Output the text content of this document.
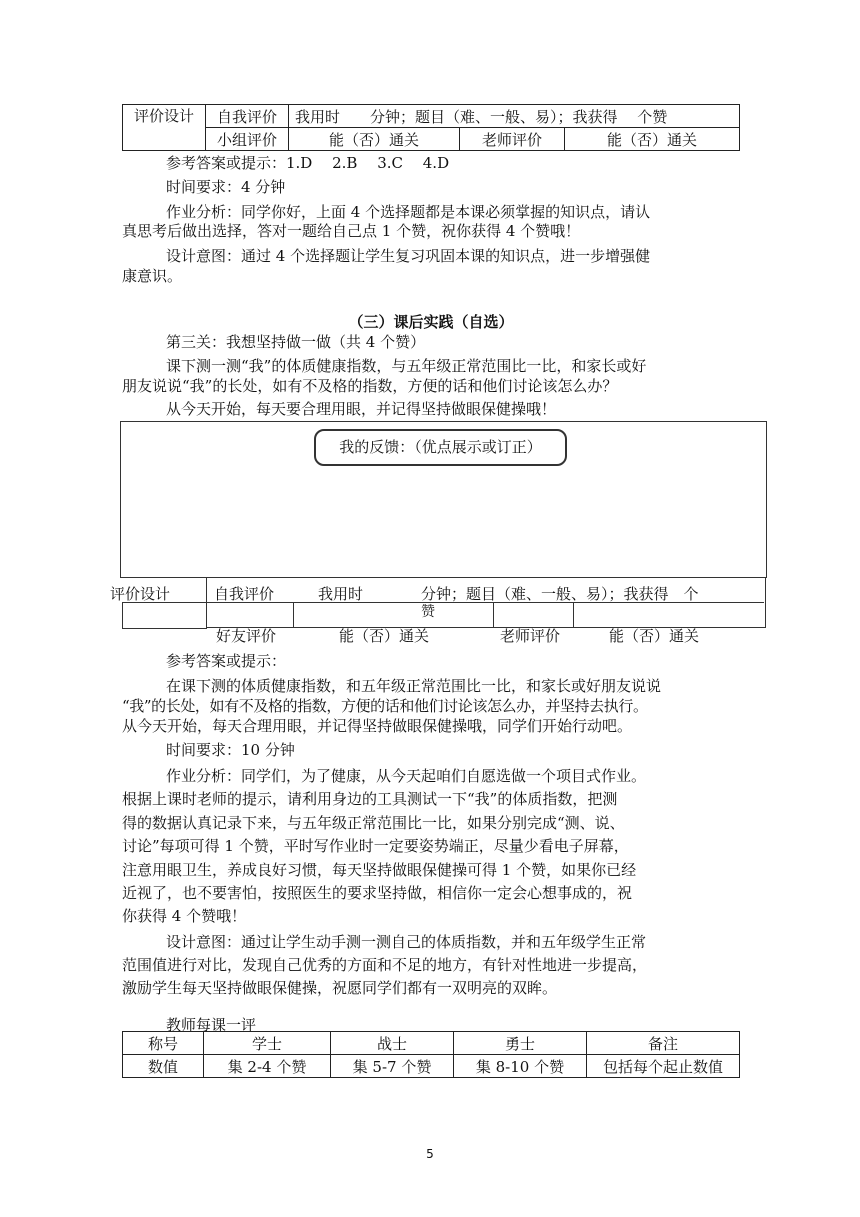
评价设计	自我评价	我用时　　分钟；题目（难、一般、易）；我获得　 个赞		
	小组评价	能（否）通关	老师评价	能（否）通关
参考答案或提示：1.D　 2.B　 3.C　 4.D
时间要求：4 分钟
作业分析：同学你好，上面 4 个选择题都是本课必须掌握的知识点，请认
真思考后做出选择，答对一题给自己点 1 个赞，祝你获得 4 个赞哦！
设计意图：通过 4 个选择题让学生复习巩固本课的知识点，进一步增强健
康意识。
（三）课后实践（自选）
第三关：我想坚持做一做（共 4 个赞）
课下测一测“我”的体质健康指数，与五年级正常范围比一比，和家长或好
朋友说说“我”的长处，如有不及格的指数，方便的话和他们讨论该怎么办？
从今天开始，每天要合理用眼，并记得坚持做眼保健操哦！
我的反馈：（优点展示或订正）
评价设计	自我评价	我用时	分钟；题目（难、一般、易）；我获得　个
赞
好友评价	能（否）通关	老师评价	能（否）通关
参考答案或提示：
在课下测的体质健康指数，和五年级正常范围比一比，和家长或好朋友说说
“我”的长处，如有不及格的指数，方便的话和他们讨论该怎么办，并坚持去执行。
从今天开始，每天合理用眼，并记得坚持做眼保健操哦，同学们开始行动吧。
时间要求：10 分钟
作业分析：同学们，为了健康，从今天起咱们自愿选做一个项目式作业。
根据上课时老师的提示，请利用身边的工具测试一下“我”的体质指数，把测
得的数据认真记录下来，与五年级正常范围比一比，如果分别完成“测、说、
讨论”每项可得 1 个赞，平时写作业时一定要姿势端正，尽量少看电子屏幕，
注意用眼卫生，养成良好习惯，每天坚持做眼保健操可得 1 个赞，如果你已经
近视了，也不要害怕，按照医生的要求坚持做，相信你一定会心想事成的，祝
你获得 4 个赞哦！
设计意图：通过让学生动手测一测自己的体质指数，并和五年级学生正常
范围值进行对比，发现自己优秀的方面和不足的地方，有针对性地进一步提高，
激励学生每天坚持做眼保健操，祝愿同学们都有一双明亮的双眸。
教师每课一评
称号	学士	战士	勇士	备注
数值	集 2-4 个赞	集 5-7 个赞	集 8-10 个赞	包括每个起止数值
5
